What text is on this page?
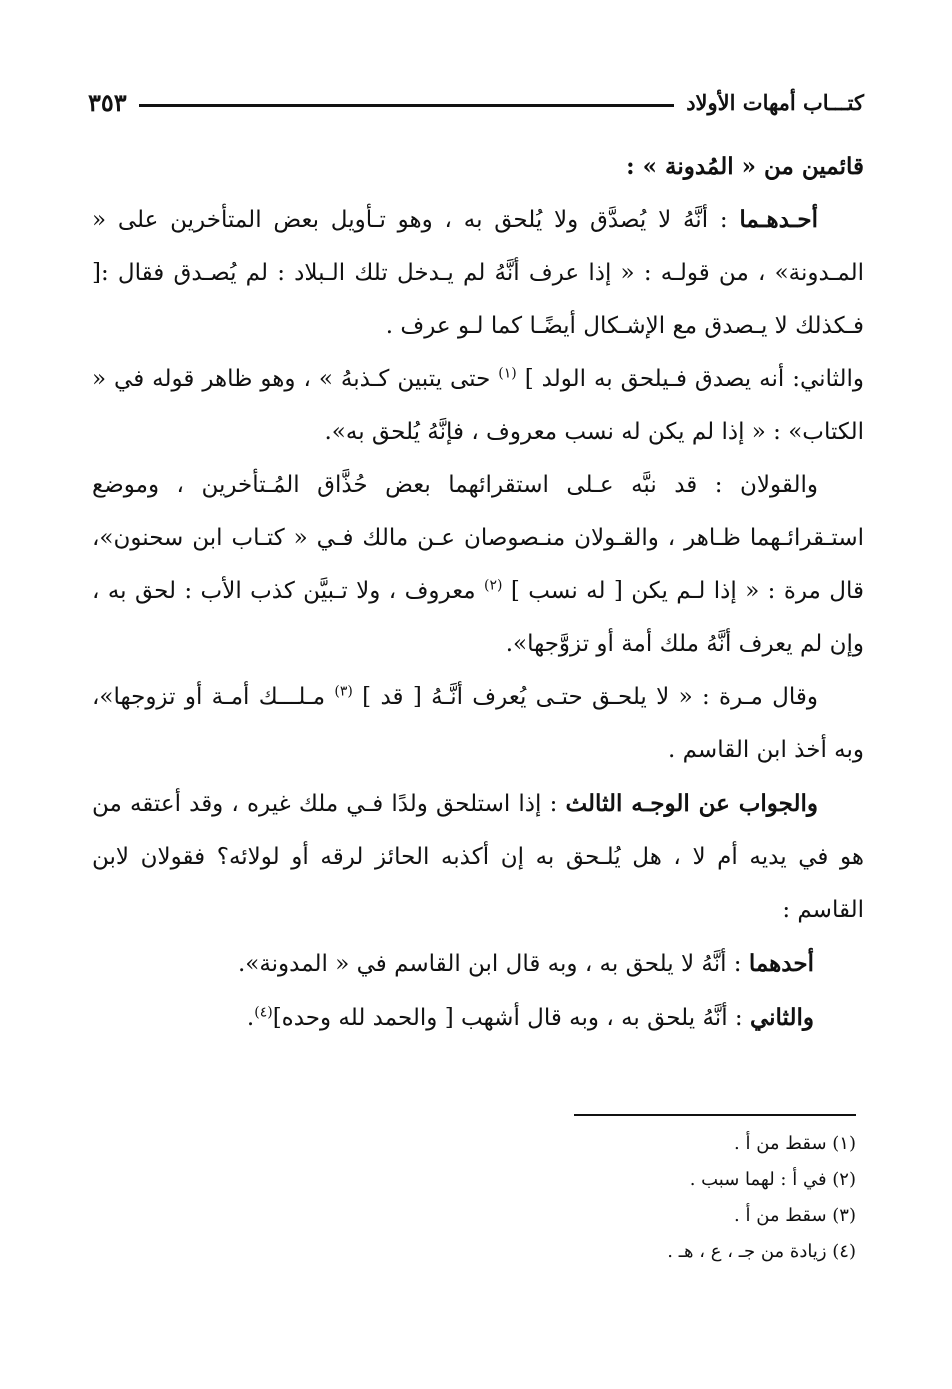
كتـــاب أمهات الأولاد
٣٥٣

قائمين من « المُدونة » :

أحـدهـما : أنَّهُ لا يُصدَّق ولا يُلحق به ، وهو تـأويل بعض المتأخرين على « المـدونة» ، من قولـه : « إذا عرف أنَّهُ لم يـدخل تلك الـبلاد : لم يُصـدق فقال :[ فـكذلك لا يـصدق مع الإشـكال أيضًـا كما لـو عرف .

والثاني: أنه يصدق فـيلحق به الولد ] $^{(١)}$ حتى يتبين كـذبهُ » ، وهو ظاهر قوله في « الكتاب» : « إذا لم يكن له نسب معروف ، فإنَّهُ يُلحق به».

والقولان : قد نبَّه عـلى استقرائهما بعض حُذَّاق المُـتأخرين ، وموضع استـقرائـهما ظـاهر ، والقـولان منـصوصان عـن مالك فـي « كتـاب ابن سحنون»، قال مرة : « إذا لـم يكن [ له نسب ] $^{(٢)}$ معروف ، ولا تـبيَّن كذب الأب : لحق به ، وإن لم يعرف أنَّهُ ملك أمة أو تزوَّجها».

وقال مـرة : « لا يلحـق حتـى يُعرف أنَّـهُ [ قد ] $^{(٣)}$ مـلـــك أمـة أو تزوجها»، وبه أخذ ابن القاسم .

والجواب عن الوجـه الثالث : إذا استلحق ولدًا فـي ملك غيره ، وقد أعتقه من هو في يديه أم لا ، هل يُلـحق به إن أكذبه الحائز لرقه أو لولائه؟ فقولان لابن القاسم :

أحدهما : أنَّهُ لا يلحق به ، وبه قال ابن القاسم في « المدونة».

والثاني : أنَّهُ يلحق به ، وبه قال أشهب [ والحمد لله وحده]$^{(٤)}$.

(١) سقط من أ .

(٢) في أ : لهما سبب .

(٣) سقط من أ .

(٤) زيادة من جـ ، ع ، هـ .
